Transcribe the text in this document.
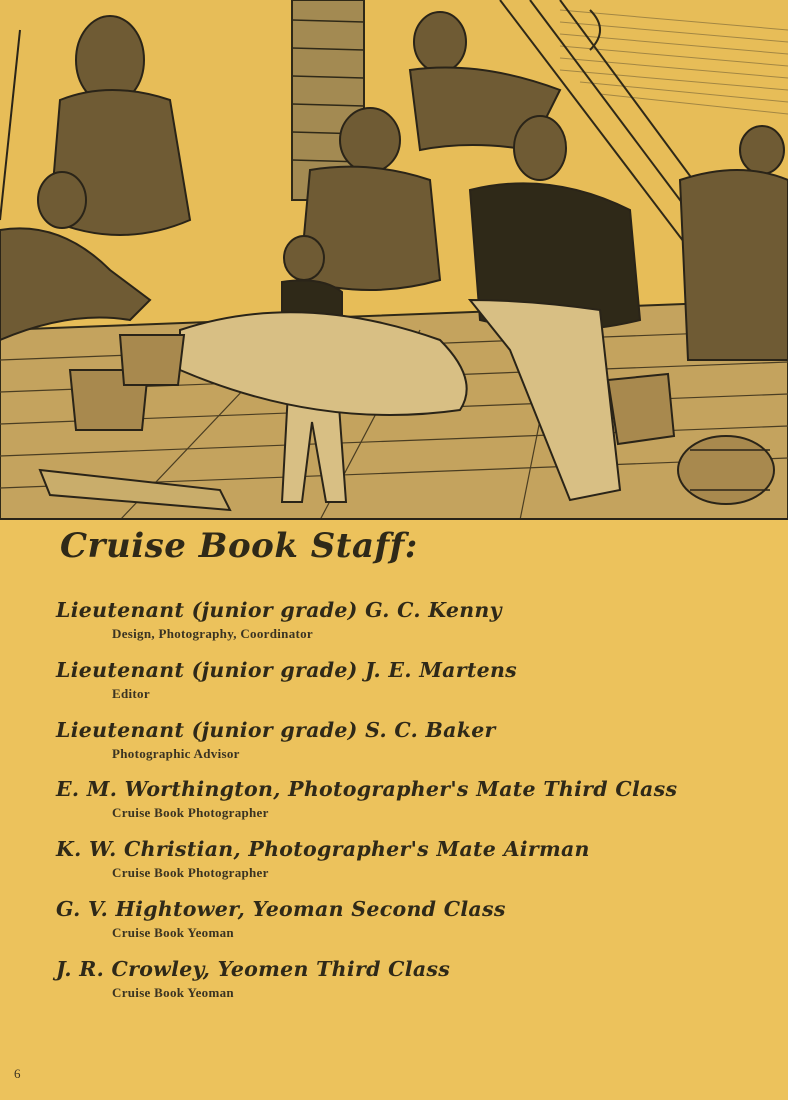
Cruise Book Staff:
Lieutenant (junior grade) G. C. Kenny
Design, Photography, Coordinator
Lieutenant (junior grade) J. E. Martens
Editor
Lieutenant (junior grade) S. C. Baker
Photographic Advisor
E. M. Worthington, Photographer's Mate Third Class
Cruise Book Photographer
K. W. Christian, Photographer's Mate Airman
Cruise Book Photographer
G. V. Hightower, Yeoman Second Class
Cruise Book Yeoman
J. R. Crowley, Yeomen Third Class
Cruise Book Yeoman
6
